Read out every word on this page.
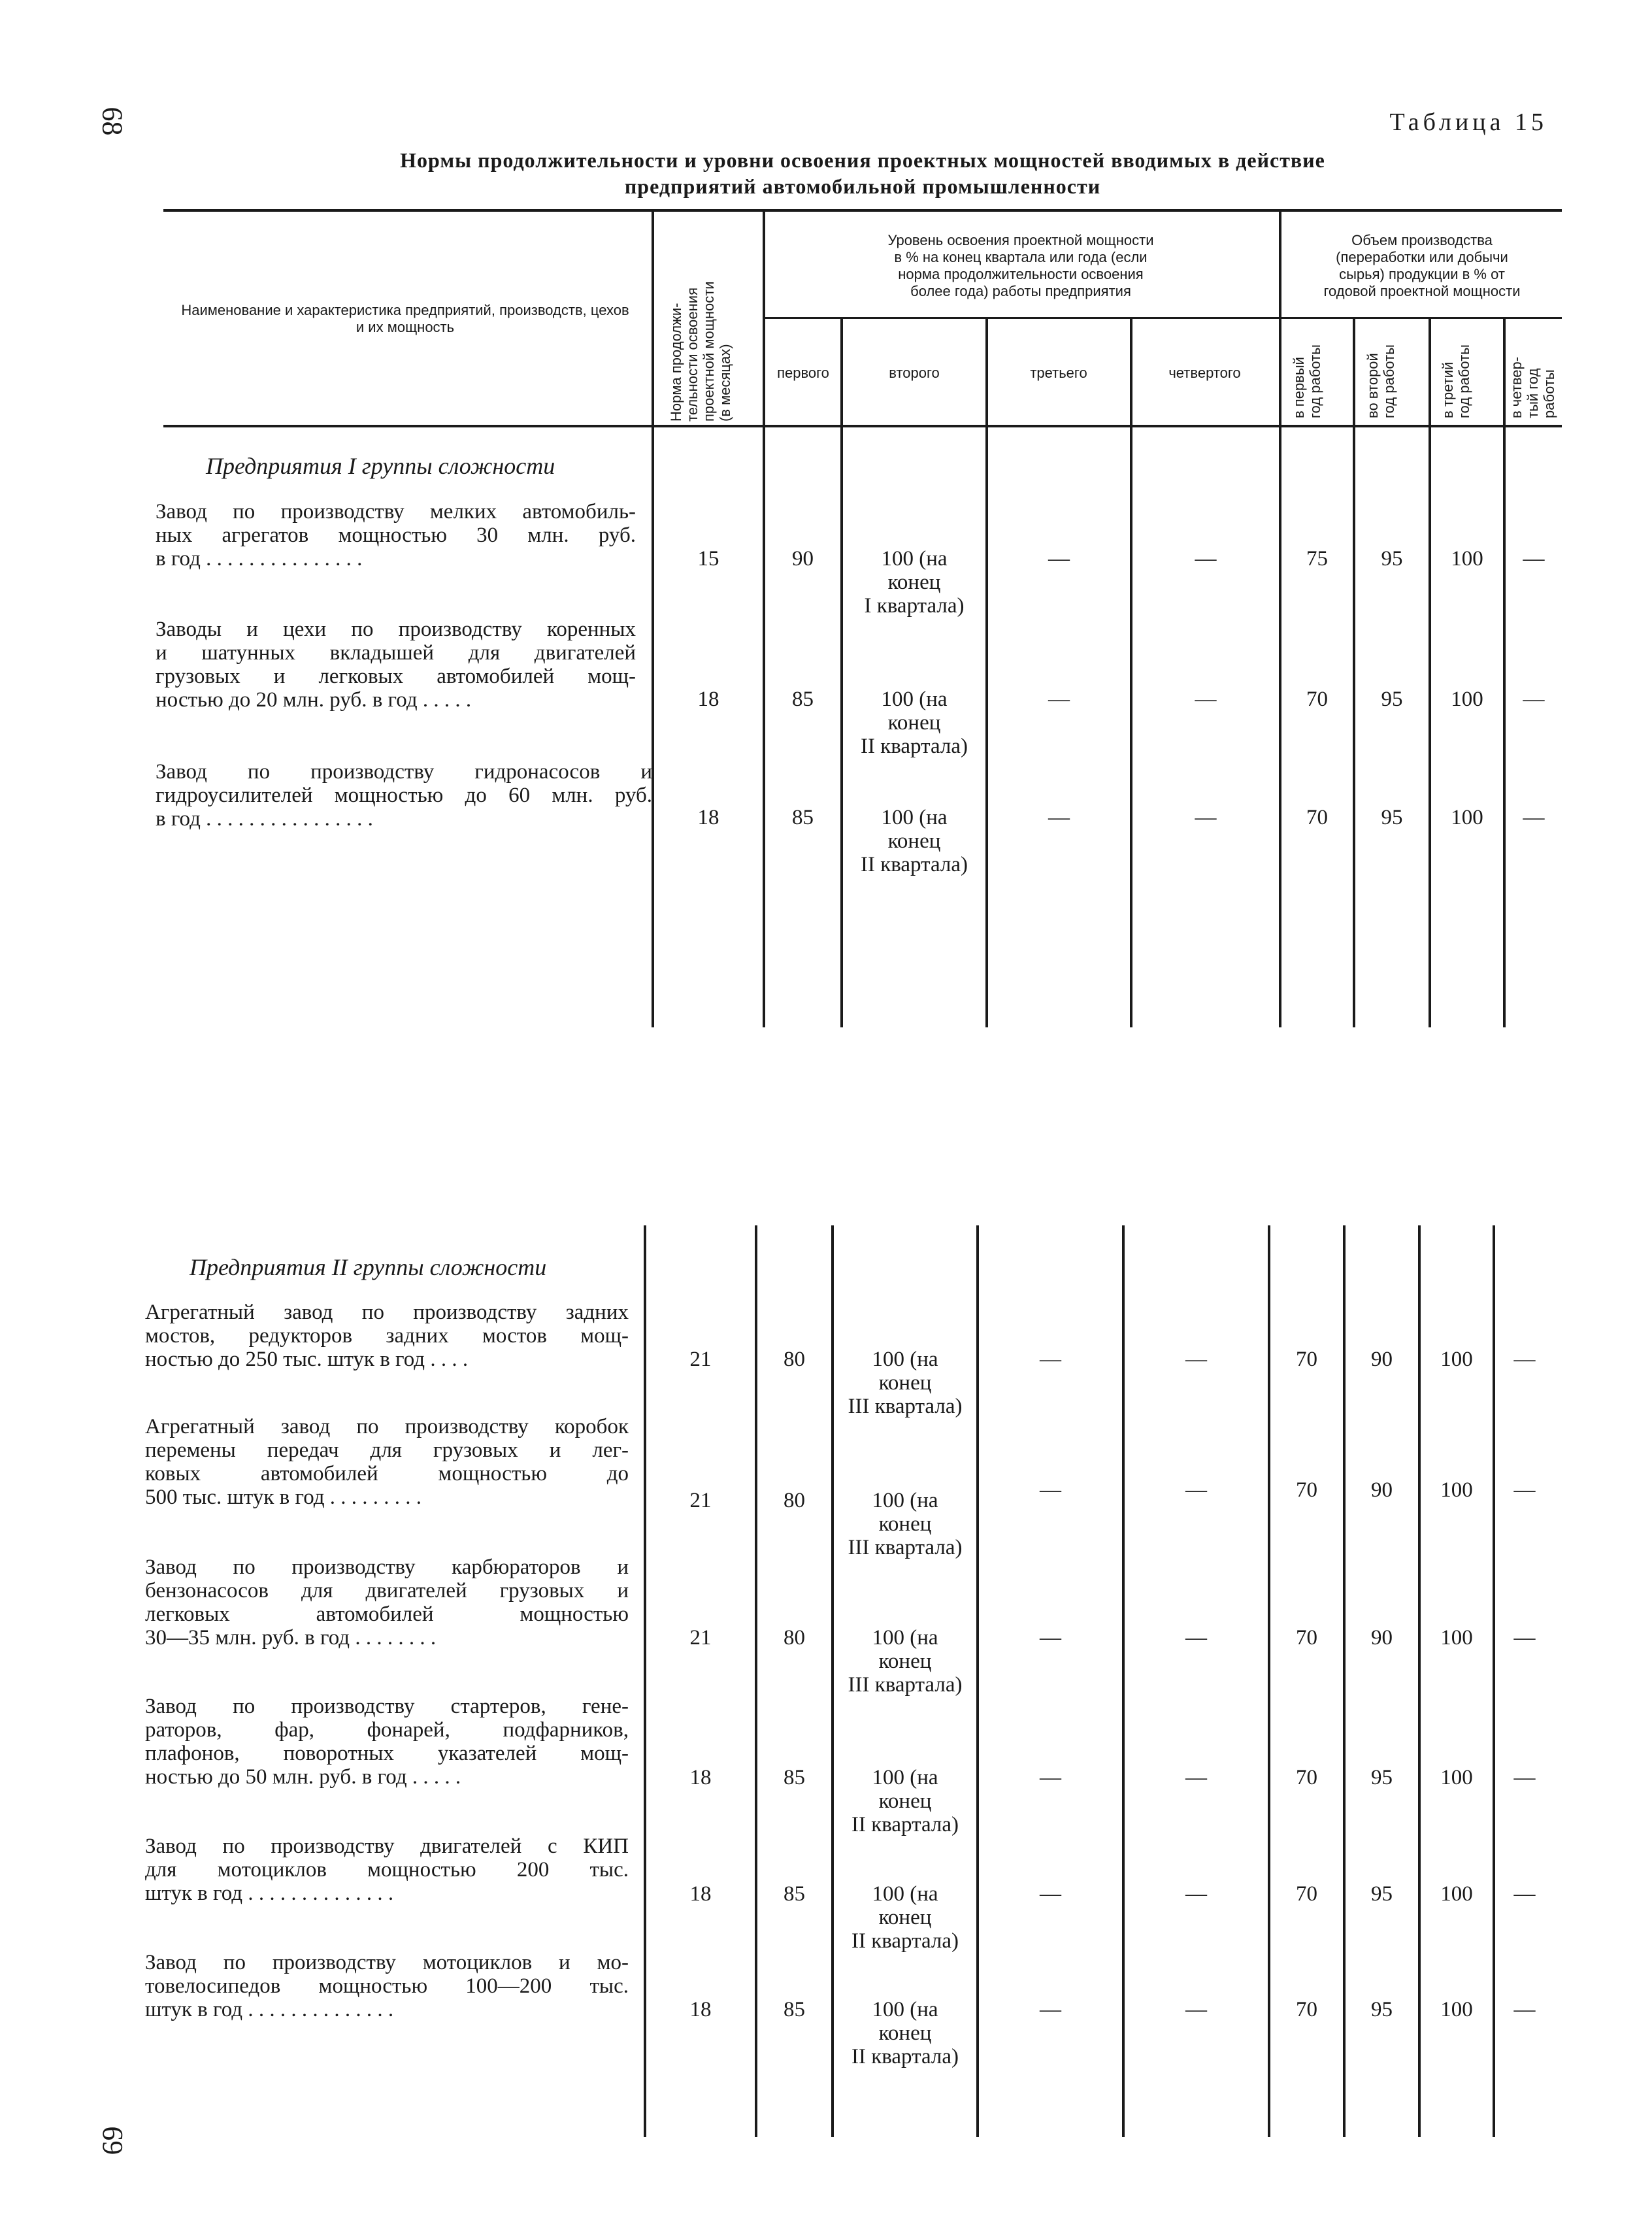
68
69
Таблица 15
Нормы продолжительности и уровни освоения проектных мощностей вводимых в действие
предприятий автомобильной промышленности
Наименование и характеристика предприятий, производств, цехов и их мощность	Норма продолжи- тельности освоения проектной мощности (в месяцах)
Уровень освоения проектной мощности
в % на конец квартала или года (если
норма продолжительности освоения
более года) работы предприятия
Объем производства
(переработки или добычи
сырья) продукции в % от
годовой проектной мощности
первого	второго	третьего	четвертого	в первый год работы	во второй год работы	в третий год работы	в четвер- тый год работы
Предприятия I группы сложности
Завод по производству мелких автомобиль-
ных агрегатов мощностью 30 млн. руб.
в год . . . . . . . . . . . . . . .	15	90	100 (на
конец
I квартала)
—	—	75	95	100	—
Заводы и цехи по производству коренных
и шатунных вкладышей для двигателей
грузовых и легковых автомобилей мощ-
ностью до 20 млн. руб. в год . . . . .	18	85	100 (на
конец
II квартала)
—	—	70	95	100	—
Завод по производству гидронасосов и
гидроусилителей мощностью до 60 млн. руб.
в год . . . . . . . . . . . . . . . .	18	85	100 (на
конец
II квартала)
—	—	70	95	100	—
Предприятия II группы сложности
Агрегатный завод по производству задних
мостов, редукторов задних мостов мощ-
ностью до 250 тыс. штук в год . . . .	21	80	100 (на
конец
III квартала)
—	—	70	90	100	—
Агрегатный завод по производству коробок
перемены передач для грузовых и лег-
ковых автомобилей мощностью до
500 тыс. штук в год . . . . . . . . .	21	80	100 (на
конец
III квартала)
—	—	70	90	100	—
Завод по производству карбюраторов и
бензонасосов для двигателей грузовых и
легковых автомобилей мощностью
30—35 млн. руб. в год . . . . . . . .	21	80	100 (на
конец
III квартала)
—	—	70	90	100	—
Завод по производству стартеров, гене-
раторов, фар, фонарей, подфарников,
плафонов, поворотных указателей мощ-
ностью до 50 млн. руб. в год . . . . .	18	85	100 (на
конец
II квартала)
—	—	70	95	100	—
Завод по производству двигателей с КИП
для мотоциклов мощностью 200 тыс.
штук в год . . . . . . . . . . . . . .	18	85	100 (на
конец
II квартала)
—	—	70	95	100	—
Завод по производству мотоциклов и мо-
товелосипедов мощностью 100—200 тыс.
штук в год . . . . . . . . . . . . . .	18	85	100 (на
конец
II квартала)
—	—	70	95	100	—
